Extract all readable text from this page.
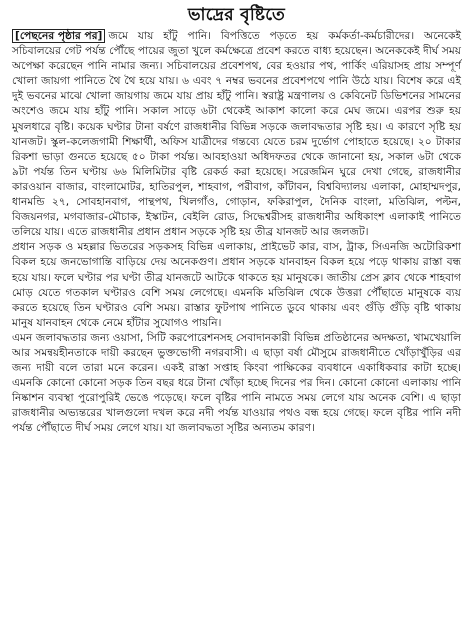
ভাদ্রের বৃষ্টিতে

[পেছনের পৃষ্ঠার পর] জমে যায় হাঁটু পানি। বিপত্তিতে পড়তে হয় কর্মকর্তা-কর্মচারীদের। অনেকেই সচিবালয়ের গেট পর্যন্ত পৌঁছে পায়ের জুতা খুলে কর্মক্ষেত্রে প্রবেশ করতে বাধ্য হয়েছেন। অনেককেই দীর্ঘ সময় অপেক্ষা করেছেন পানি নামার জন্য। সচিবালয়ের প্রবেশপথ, বের হওয়ার পথ, পার্কিং এরিয়াসহ প্রায় সম্পূর্ণ খোলা জায়গা পানিতে থৈ থৈ হয়ে যায়। ৬ এবং ৭ নম্বর ভবনের প্রবেশপথে পানি উঠে যায়। বিশেষ করে এই দুই ভবনের মাঝে খোলা জায়গায় জমে যায় প্রায় হাঁটু পানি। স্বরাষ্ট্র মন্ত্রণালয় ও কেবিনেট ডিভিশনের সামনের অংশেও জমে যায় হাঁটু পানি। সকাল সাড়ে ৬টা থেকেই আকাশ কালো করে মেঘ জমে। এরপর শুরু হয় মুষলধারে বৃষ্টি। কয়েক ঘণ্টার টানা বর্ষণে রাজধানীর বিভিন্ন সড়কে জলাবদ্ধতার সৃষ্টি হয়। এ কারণে সৃষ্টি হয় যানজট। স্কুল-কলেজগামী শিক্ষার্থী, অফিস যাত্রীদের গন্তব্যে যেতে চরম দুর্ভোগ পোহাতে হয়েছে। ২০ টাকার রিকশা ভাড়া গুনতে হয়েছে ৫০ টাকা পর্যন্ত। আবহাওয়া অধিদফতর থেকে জানানো হয়, সকাল ৬টা থেকে ৯টা পর্যন্ত তিন ঘণ্টায় ৬৬ মিলিমিটার বৃষ্টি রেকর্ড করা হয়েছে। সরেজমিন ঘুরে দেখা গেছে, রাজধানীর কারওয়ান বাজার, বাংলামোটর, হাতিরপুল, শাহবাগ, পরীবাগ, কাঁটাবন, বিশ্ববিদ্যালয় এলাকা, মোহাম্মদপুর, ধানমন্ডি ২৭, সোবহানবাগ, পান্থপথ, খিলগাঁও, গোড়ান, ফকিরাপুল, দৈনিক বাংলা, মতিঝিল, পল্টন, বিজয়নগর, মগবাজার-মৌচাক, ইস্কাটন, বেইলি রোড, সিদ্ধেশ্বরীসহ রাজধানীর অধিকাংশ এলাকাই পানিতে তলিয়ে যায়। এতে রাজধানীর প্রধান প্রধান সড়কে সৃষ্টি হয় তীব্র যানজট আর জলজট।

প্রধান সড়ক ও মহল্লার ভিতরের সড়কসহ বিভিন্ন এলাকায়, প্রাইভেট কার, বাস, ট্রাক, সিএনজি অটোরিকশা বিকল হয়ে জনভোগান্তি বাড়িয়ে দেয় অনেকগুণ। প্রধান সড়কে যানবাহন বিকল হয়ে পড়ে থাকায় রাস্তা বন্ধ হয়ে যায়। ফলে ঘণ্টার পর ঘণ্টা তীব্র যানজটে আটকে থাকতে হয় মানুষকে। জাতীয় প্রেস ক্লাব থেকে শাহবাগ মোড় যেতে গতকাল ঘণ্টারও বেশি সময় লেগেছে। এমনকি মতিঝিল থেকে উত্তরা পৌঁছাতে মানুষকে ব্যয় করতে হয়েছে তিন ঘণ্টারও বেশি সময়। রাস্তার ফুটপাথ পানিতে ডুবে থাকায় এবং গুঁড়ি গুঁড়ি বৃষ্টি থাকায় মানুষ যানবাহন থেকে নেমে হাঁটার সুযোগও পায়নি।

এমন জলাবদ্ধতার জন্য ওয়াসা, সিটি করপোরেশনসহ সেবাদানকারী বিভিন্ন প্রতিষ্ঠানের অদক্ষতা, খামখেয়ালি আর সমন্বয়হীনতাকে দায়ী করছেন ভুক্তভোগী নগরবাসী। এ ছাড়া বর্ষা মৌসুমে রাজধানীতে খোঁড়াখুঁড়ির এর জন্য দায়ী বলে তারা মনে করেন। একই রাস্তা সপ্তাহ কিংবা পাক্ষিকের ব্যবধানে একাধিকবার কাটা হচ্ছে। এমনকি কোনো কোনো সড়ক তিন বছর ধরে টানা খোঁড়া হচ্ছে দিনের পর দিন। কোনো কোনো এলাকায় পানি নিষ্কাশন ব্যবস্থা পুরোপুরিই ভেঙে পড়েছে। ফলে বৃষ্টির পানি নামতে সময় লেগে যায় অনেক বেশি। এ ছাড়া রাজধানীর অভ্যন্তরের খালগুলো দখল করে নদী পর্যন্ত যাওয়ার পথও বন্ধ হয়ে গেছে। ফলে বৃষ্টির পানি নদী পর্যন্ত পৌঁছাতে দীর্ঘ সময় লেগে যায়। যা জলাবদ্ধতা সৃষ্টির অন্যতম কারণ।
